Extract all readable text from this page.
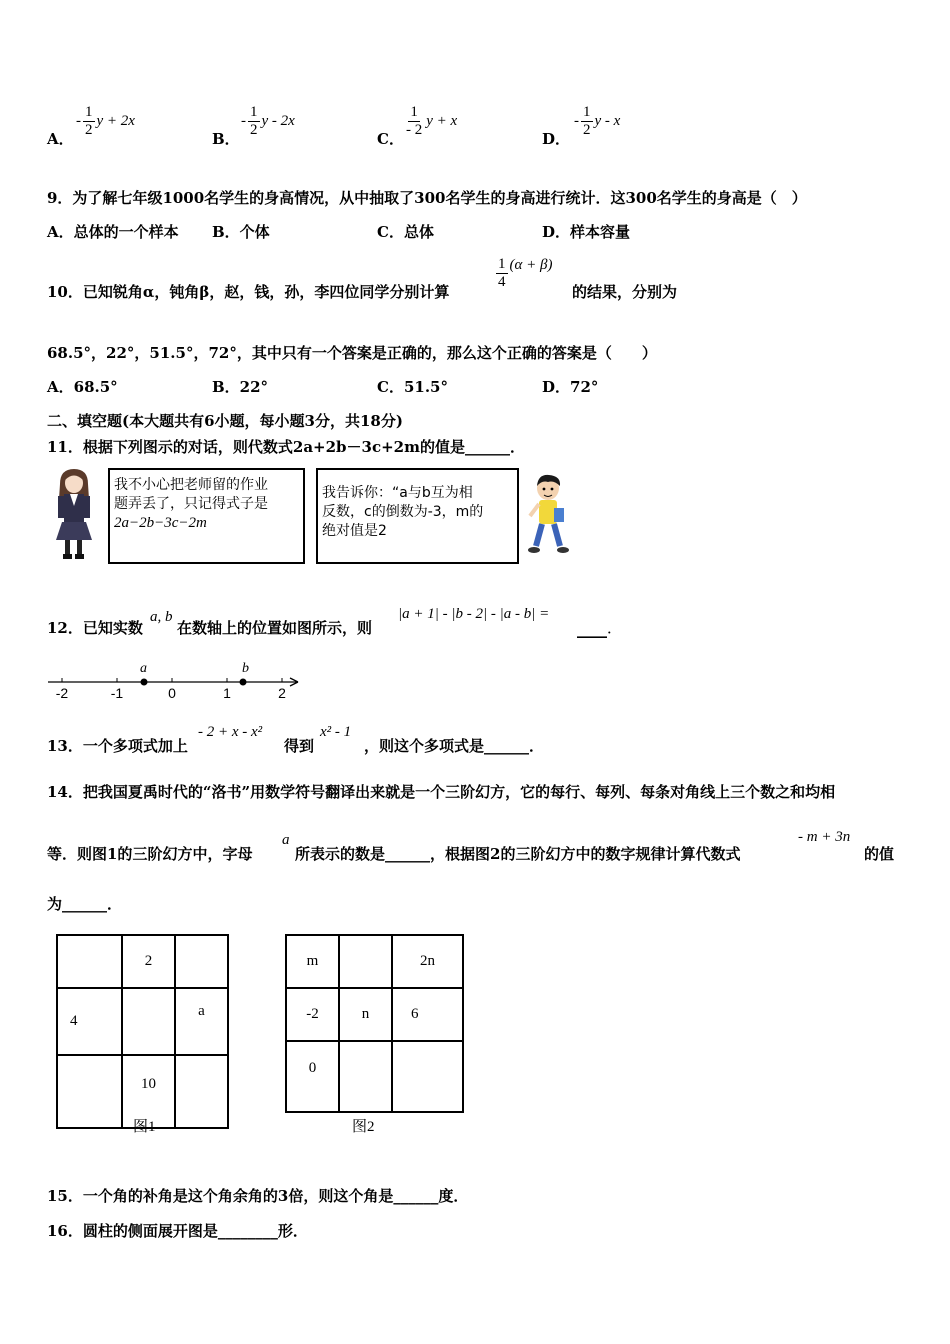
A．
- $\frac{1}{2}$ y + 2x
B．
- $\frac{1}{2}$ y - 2x
C． $\frac{1}{- 2}$ y + x
D．
- $\frac{1}{2}$ y - x
9．为了解七年级1000名学生的身高情况，从中抽取了300名学生的身高进行统计．这300名学生的身高是（　）
A．总体的一个样本 B．个体	C．总体	D．样本容量
10．已知锐角α，钝角β，赵，钱，孙，李四位同学分别计算
$\frac{1}{4} (\alpha + \beta)$
的结果，分别为
68.5°，22°，51.5°，72°，其中只有一个答案是正确的，那么这个正确的答案是（　　）
A．68.5°	B．22°	C．51.5°	D．72°
二、填空题(本大题共有6小题，每小题3分，共18分)
11．根据下列图示的对话，则代数式2a+2b－3c+2m的值是______．
我不小心把老师留的作业
题弄丢了，只记得式子是
2a−2b−3c−2m
我告诉你：“a与b互为相
反数，c的倒数为-3，m的
绝对值是2
12．已知实数
a, b
在数轴上的位置如图所示，则
|a + 1| - |b - 2| - |a - b| =
____．
-2	-1	0	1	2
a	b
13．一个多项式加上
- 2 + x - x²
得到
x² - 1
，则这个多项式是______．
14．把我国夏禹时代的“洛书”用数学符号翻译出来就是一个三阶幻方，它的每行、每列、每条对角线上三个数之和均相
等．则图1的三阶幻方中，字母
a
所表示的数是______，根据图2的三阶幻方中的数字规律计算代数式
- m + 3n
的值
为______．
	2	
4		a
	10	
图1
m		2n
-2	n	6
0		
图2
15．一个角的补角是这个角余角的3倍，则这个角是______度．
16．圆柱的侧面展开图是________形．
